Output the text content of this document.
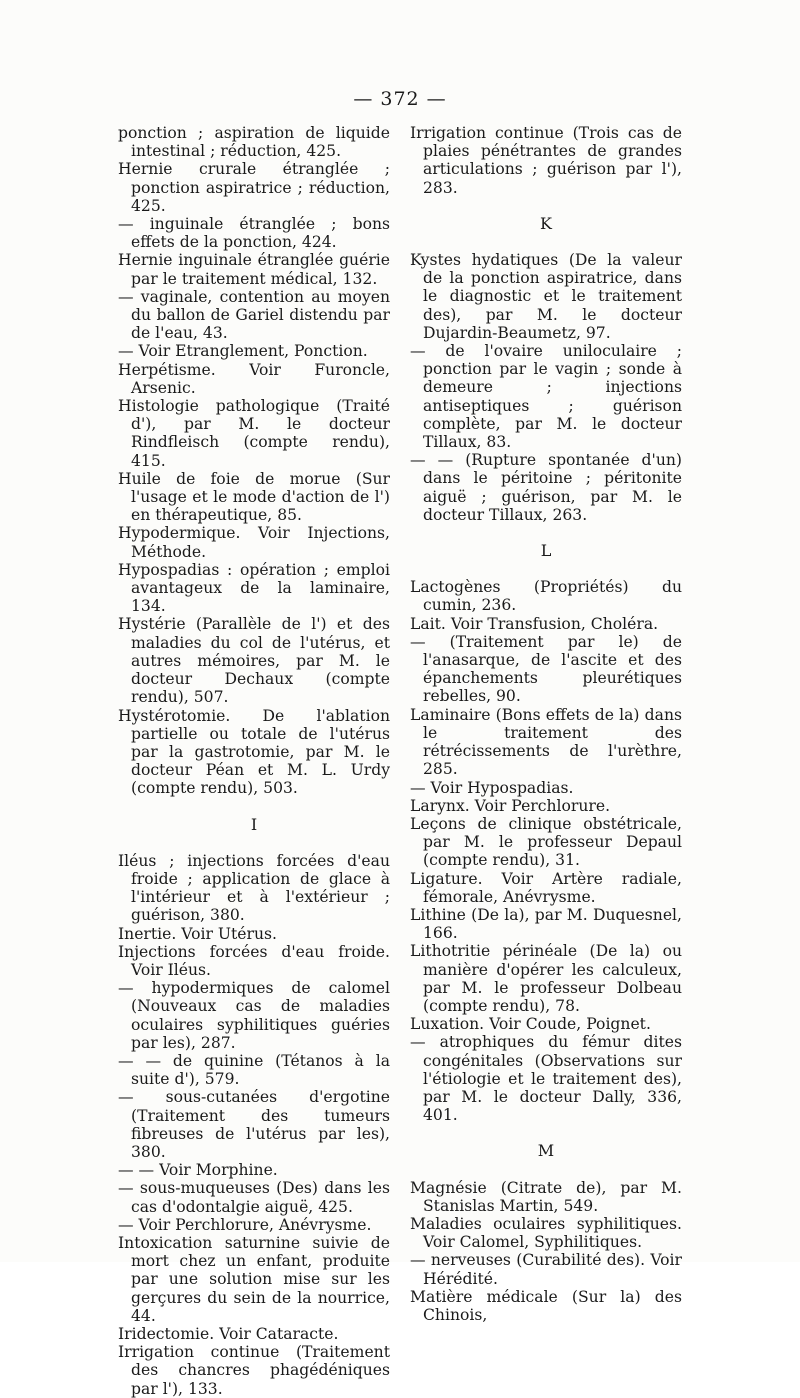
— 372 —

ponction ; aspiration de liquide intestinal ; réduction, 425.

Hernie crurale étranglée ; ponction aspiratrice ; réduction, 425.

— inguinale étranglée ; bons effets de la ponction, 424.

Hernie inguinale étranglée guérie par le traitement médical, 132.

— vaginale, contention au moyen du ballon de Gariel distendu par de l'eau, 43.

— Voir Etranglement, Ponction.

Herpétisme. Voir Furoncle, Arsenic.

Histologie pathologique (Traité d'), par M. le docteur Rindfleisch (compte rendu), 415.

Huile de foie de morue (Sur l'usage et le mode d'action de l') en thérapeutique, 85.

Hypodermique. Voir Injections, Méthode.

Hypospadias : opération ; emploi avantageux de la laminaire, 134.

Hystérie (Parallèle de l') et des maladies du col de l'utérus, et autres mémoires, par M. le docteur Dechaux (compte rendu), 507.

Hystérotomie. De l'ablation partielle ou totale de l'utérus par la gastrotomie, par M. le docteur Péan et M. L. Urdy (compte rendu), 503.

I

Iléus ; injections forcées d'eau froide ; application de glace à l'intérieur et à l'extérieur ; guérison, 380.

Inertie. Voir Utérus.

Injections forcées d'eau froide. Voir Iléus.

— hypodermiques de calomel (Nouveaux cas de maladies oculaires syphilitiques guéries par les), 287.

— — de quinine (Tétanos à la suite d'), 579.

— sous-cutanées d'ergotine (Traitement des tumeurs fibreuses de l'utérus par les), 380.

— — Voir Morphine.

— sous-muqueuses (Des) dans les cas d'odontalgie aiguë, 425.

— Voir Perchlorure, Anévrysme.

Intoxication saturnine suivie de mort chez un enfant, produite par une solution mise sur les gerçures du sein de la nourrice, 44.

Iridectomie. Voir Cataracte.

Irrigation continue (Traitement des chancres phagédéniques par l'), 133.

Irrigation continue (Trois cas de plaies pénétrantes de grandes articulations ; guérison par l'), 283.

K

Kystes hydatiques (De la valeur de la ponction aspiratrice, dans le diagnostic et le traitement des), par M. le docteur Dujardin-Beaumetz, 97.

— de l'ovaire uniloculaire ; ponction par le vagin ; sonde à demeure ; injections antiseptiques ; guérison complète, par M. le docteur Tillaux, 83.

— — (Rupture spontanée d'un) dans le péritoine ; péritonite aiguë ; guérison, par M. le docteur Tillaux, 263.

L

Lactogènes (Propriétés) du cumin, 236.

Lait. Voir Transfusion, Choléra.

— (Traitement par le) de l'anasarque, de l'ascite et des épanchements pleurétiques rebelles, 90.

Laminaire (Bons effets de la) dans le traitement des rétrécissements de l'urèthre, 285.

— Voir Hypospadias.

Larynx. Voir Perchlorure.

Leçons de clinique obstétricale, par M. le professeur Depaul (compte rendu), 31.

Ligature. Voir Artère radiale, fémorale, Anévrysme.

Lithine (De la), par M. Duquesnel, 166.

Lithotritie périnéale (De la) ou manière d'opérer les calculeux, par M. le professeur Dolbeau (compte rendu), 78.

Luxation. Voir Coude, Poignet.

— atrophiques du fémur dites congénitales (Observations sur l'étiologie et le traitement des), par M. le docteur Dally, 336, 401.

M

Magnésie (Citrate de), par M. Stanislas Martin, 549.

Maladies oculaires syphilitiques. Voir Calomel, Syphilitiques.

— nerveuses (Curabilité des). Voir Hérédité.

Matière médicale (Sur la) des Chinois,
